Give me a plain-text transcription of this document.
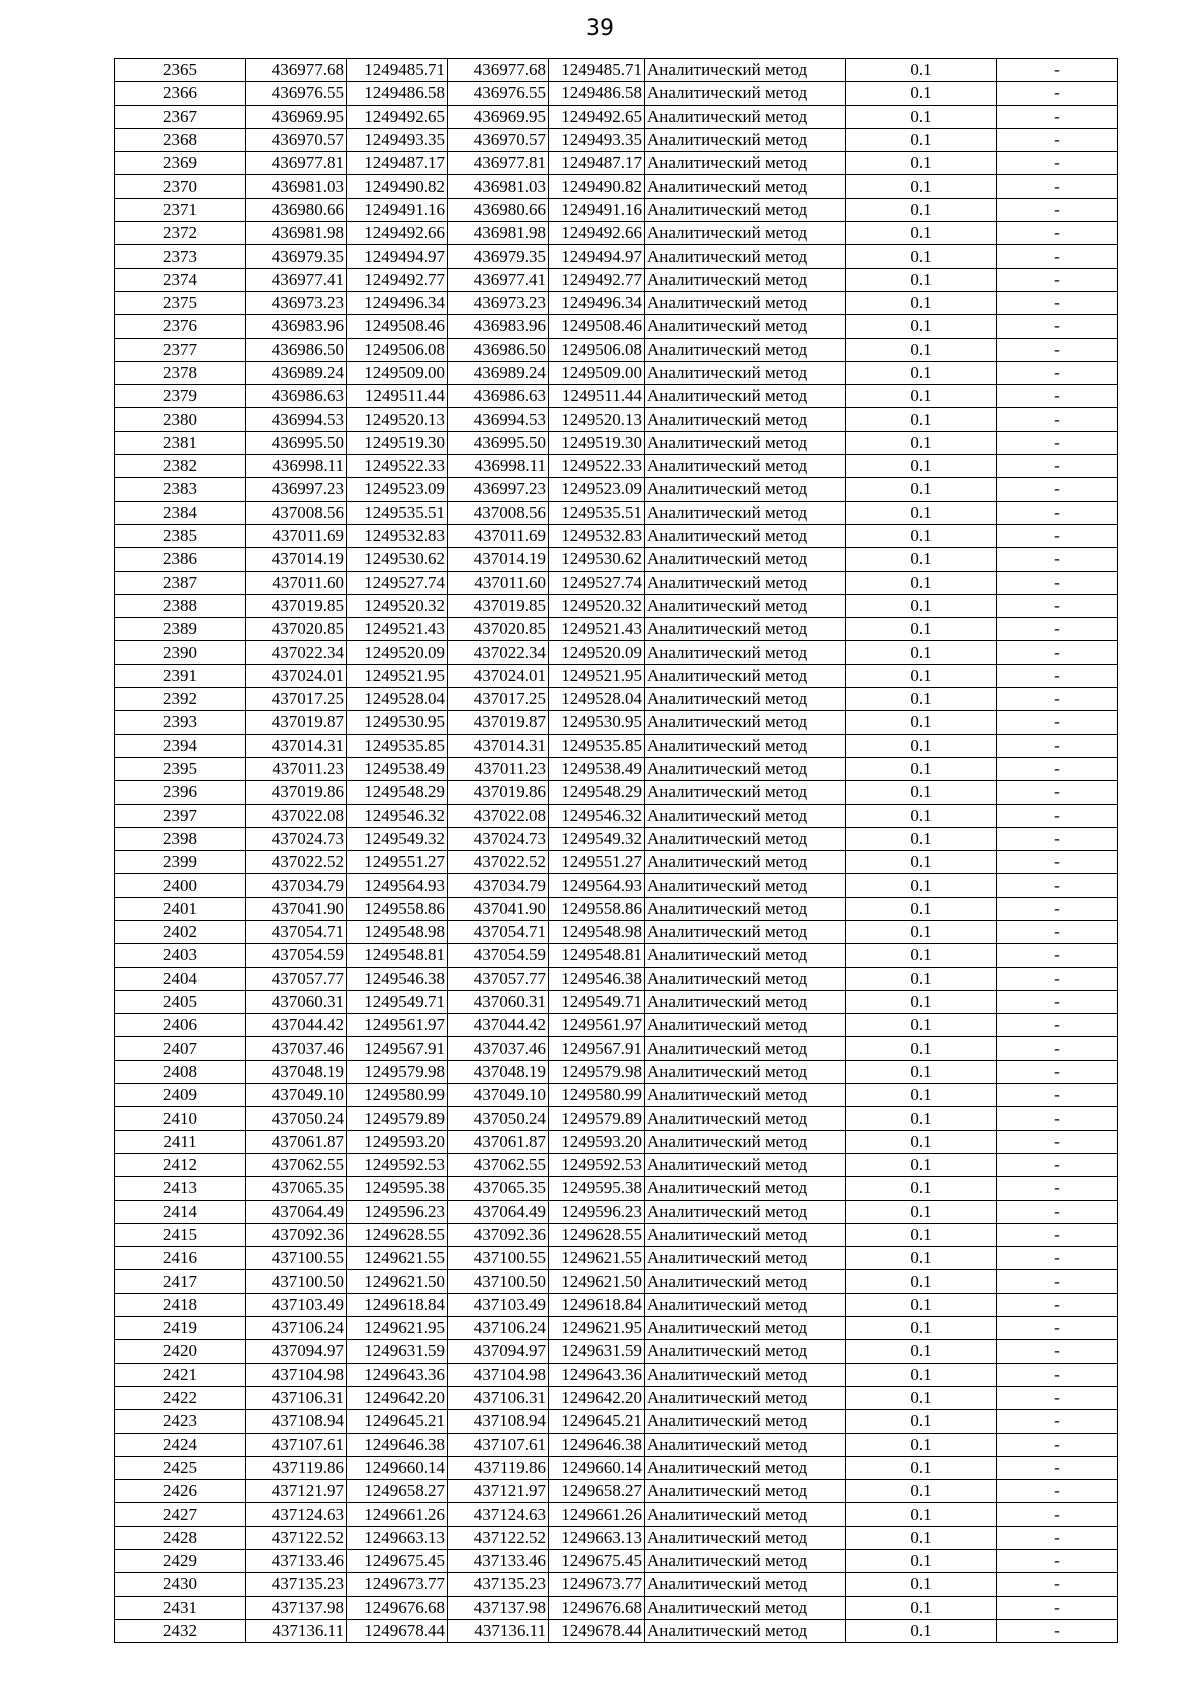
39
2365	436977.68	1249485.71	436977.68	1249485.71	Аналитический метод	0.1	-
2366	436976.55	1249486.58	436976.55	1249486.58	Аналитический метод	0.1	-
2367	436969.95	1249492.65	436969.95	1249492.65	Аналитический метод	0.1	-
2368	436970.57	1249493.35	436970.57	1249493.35	Аналитический метод	0.1	-
2369	436977.81	1249487.17	436977.81	1249487.17	Аналитический метод	0.1	-
2370	436981.03	1249490.82	436981.03	1249490.82	Аналитический метод	0.1	-
2371	436980.66	1249491.16	436980.66	1249491.16	Аналитический метод	0.1	-
2372	436981.98	1249492.66	436981.98	1249492.66	Аналитический метод	0.1	-
2373	436979.35	1249494.97	436979.35	1249494.97	Аналитический метод	0.1	-
2374	436977.41	1249492.77	436977.41	1249492.77	Аналитический метод	0.1	-
2375	436973.23	1249496.34	436973.23	1249496.34	Аналитический метод	0.1	-
2376	436983.96	1249508.46	436983.96	1249508.46	Аналитический метод	0.1	-
2377	436986.50	1249506.08	436986.50	1249506.08	Аналитический метод	0.1	-
2378	436989.24	1249509.00	436989.24	1249509.00	Аналитический метод	0.1	-
2379	436986.63	1249511.44	436986.63	1249511.44	Аналитический метод	0.1	-
2380	436994.53	1249520.13	436994.53	1249520.13	Аналитический метод	0.1	-
2381	436995.50	1249519.30	436995.50	1249519.30	Аналитический метод	0.1	-
2382	436998.11	1249522.33	436998.11	1249522.33	Аналитический метод	0.1	-
2383	436997.23	1249523.09	436997.23	1249523.09	Аналитический метод	0.1	-
2384	437008.56	1249535.51	437008.56	1249535.51	Аналитический метод	0.1	-
2385	437011.69	1249532.83	437011.69	1249532.83	Аналитический метод	0.1	-
2386	437014.19	1249530.62	437014.19	1249530.62	Аналитический метод	0.1	-
2387	437011.60	1249527.74	437011.60	1249527.74	Аналитический метод	0.1	-
2388	437019.85	1249520.32	437019.85	1249520.32	Аналитический метод	0.1	-
2389	437020.85	1249521.43	437020.85	1249521.43	Аналитический метод	0.1	-
2390	437022.34	1249520.09	437022.34	1249520.09	Аналитический метод	0.1	-
2391	437024.01	1249521.95	437024.01	1249521.95	Аналитический метод	0.1	-
2392	437017.25	1249528.04	437017.25	1249528.04	Аналитический метод	0.1	-
2393	437019.87	1249530.95	437019.87	1249530.95	Аналитический метод	0.1	-
2394	437014.31	1249535.85	437014.31	1249535.85	Аналитический метод	0.1	-
2395	437011.23	1249538.49	437011.23	1249538.49	Аналитический метод	0.1	-
2396	437019.86	1249548.29	437019.86	1249548.29	Аналитический метод	0.1	-
2397	437022.08	1249546.32	437022.08	1249546.32	Аналитический метод	0.1	-
2398	437024.73	1249549.32	437024.73	1249549.32	Аналитический метод	0.1	-
2399	437022.52	1249551.27	437022.52	1249551.27	Аналитический метод	0.1	-
2400	437034.79	1249564.93	437034.79	1249564.93	Аналитический метод	0.1	-
2401	437041.90	1249558.86	437041.90	1249558.86	Аналитический метод	0.1	-
2402	437054.71	1249548.98	437054.71	1249548.98	Аналитический метод	0.1	-
2403	437054.59	1249548.81	437054.59	1249548.81	Аналитический метод	0.1	-
2404	437057.77	1249546.38	437057.77	1249546.38	Аналитический метод	0.1	-
2405	437060.31	1249549.71	437060.31	1249549.71	Аналитический метод	0.1	-
2406	437044.42	1249561.97	437044.42	1249561.97	Аналитический метод	0.1	-
2407	437037.46	1249567.91	437037.46	1249567.91	Аналитический метод	0.1	-
2408	437048.19	1249579.98	437048.19	1249579.98	Аналитический метод	0.1	-
2409	437049.10	1249580.99	437049.10	1249580.99	Аналитический метод	0.1	-
2410	437050.24	1249579.89	437050.24	1249579.89	Аналитический метод	0.1	-
2411	437061.87	1249593.20	437061.87	1249593.20	Аналитический метод	0.1	-
2412	437062.55	1249592.53	437062.55	1249592.53	Аналитический метод	0.1	-
2413	437065.35	1249595.38	437065.35	1249595.38	Аналитический метод	0.1	-
2414	437064.49	1249596.23	437064.49	1249596.23	Аналитический метод	0.1	-
2415	437092.36	1249628.55	437092.36	1249628.55	Аналитический метод	0.1	-
2416	437100.55	1249621.55	437100.55	1249621.55	Аналитический метод	0.1	-
2417	437100.50	1249621.50	437100.50	1249621.50	Аналитический метод	0.1	-
2418	437103.49	1249618.84	437103.49	1249618.84	Аналитический метод	0.1	-
2419	437106.24	1249621.95	437106.24	1249621.95	Аналитический метод	0.1	-
2420	437094.97	1249631.59	437094.97	1249631.59	Аналитический метод	0.1	-
2421	437104.98	1249643.36	437104.98	1249643.36	Аналитический метод	0.1	-
2422	437106.31	1249642.20	437106.31	1249642.20	Аналитический метод	0.1	-
2423	437108.94	1249645.21	437108.94	1249645.21	Аналитический метод	0.1	-
2424	437107.61	1249646.38	437107.61	1249646.38	Аналитический метод	0.1	-
2425	437119.86	1249660.14	437119.86	1249660.14	Аналитический метод	0.1	-
2426	437121.97	1249658.27	437121.97	1249658.27	Аналитический метод	0.1	-
2427	437124.63	1249661.26	437124.63	1249661.26	Аналитический метод	0.1	-
2428	437122.52	1249663.13	437122.52	1249663.13	Аналитический метод	0.1	-
2429	437133.46	1249675.45	437133.46	1249675.45	Аналитический метод	0.1	-
2430	437135.23	1249673.77	437135.23	1249673.77	Аналитический метод	0.1	-
2431	437137.98	1249676.68	437137.98	1249676.68	Аналитический метод	0.1	-
2432	437136.11	1249678.44	437136.11	1249678.44	Аналитический метод	0.1	-
